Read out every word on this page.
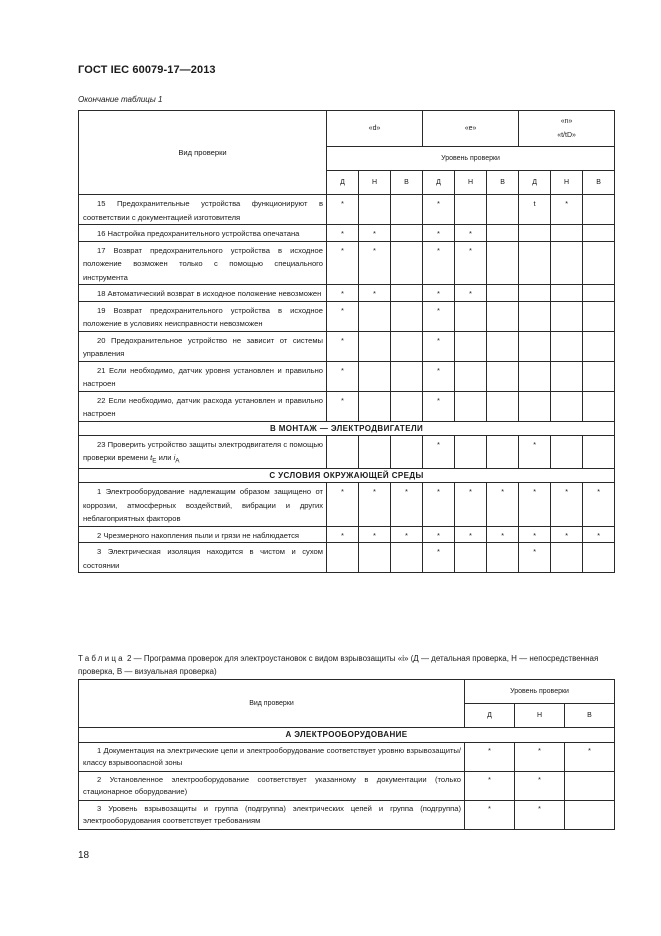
ГОСТ IEC 60079-17—2013
Окончание таблицы 1
Вид проверки	«d»			«e»			«n»
«t/tD»		
	Уровень проверки								
	Д	Н	В	Д	Н	В	Д	Н	В
15 Предохранительные устройства функционируют в соответствии с документацией изготовителя	*			*			t	*	
16 Настройка предохранительного устройства опечатана	*	*		*	*				
17 Возврат предохранительного устройства в исходное положение возможен только с помощью специального инструмента	*	*		*	*				
18 Автоматический возврат в исходное положение невозможен	*	*		*	*				
19 Возврат предохранительного устройства в исходное положение в условиях неисправности невозможен	*			*					
20 Предохранительное устройство не зависит от системы управления	*			*					
21 Если необходимо, датчик уровня установлен и правильно настроен	*			*					
22 Если необходимо, датчик расхода установлен и правильно настроен	*			*					
В МОНТАЖ — ЭЛЕКТРОДВИГАТЕЛИ									
23 Проверить устройство защиты электродвигателя с помощью проверки времени $t_E$ или $i_A$				*			*		
С УСЛОВИЯ ОКРУЖАЮЩЕЙ СРЕДЫ									
1 Электрооборудование надлежащим образом защищено от коррозии, атмосферных воздействий, вибрации и других неблагоприятных факторов	*	*	*	*	*	*	*	*	*
2 Чрезмерного накопления пыли и грязи не наблюдается	*	*	*	*	*	*	*	*	*
3 Электрическая изоляция находится в чистом и сухом состоянии				*			*		
Таблица 2 — Программа проверок для электроустановок с видом взрывозащиты «i» (Д — детальная проверка, Н — непосредственная проверка, В — визуальная проверка)
Вид проверки	Уровень проверки		
	Д	Н	В
А ЭЛЕКТРООБОРУДОВАНИЕ			
1 Документация на электрические цепи и электрооборудование соответствует уровню взрывозащиты/классу взрывоопасной зоны	*	*	*
2 Установленное электрооборудование соответствует указанному в документации (только стационарное оборудование)	*	*	
3 Уровень взрывозащиты и группа (подгруппа) электрических цепей и группа (подгруппа) электрооборудования соответствует требованиям	*	*	
18
